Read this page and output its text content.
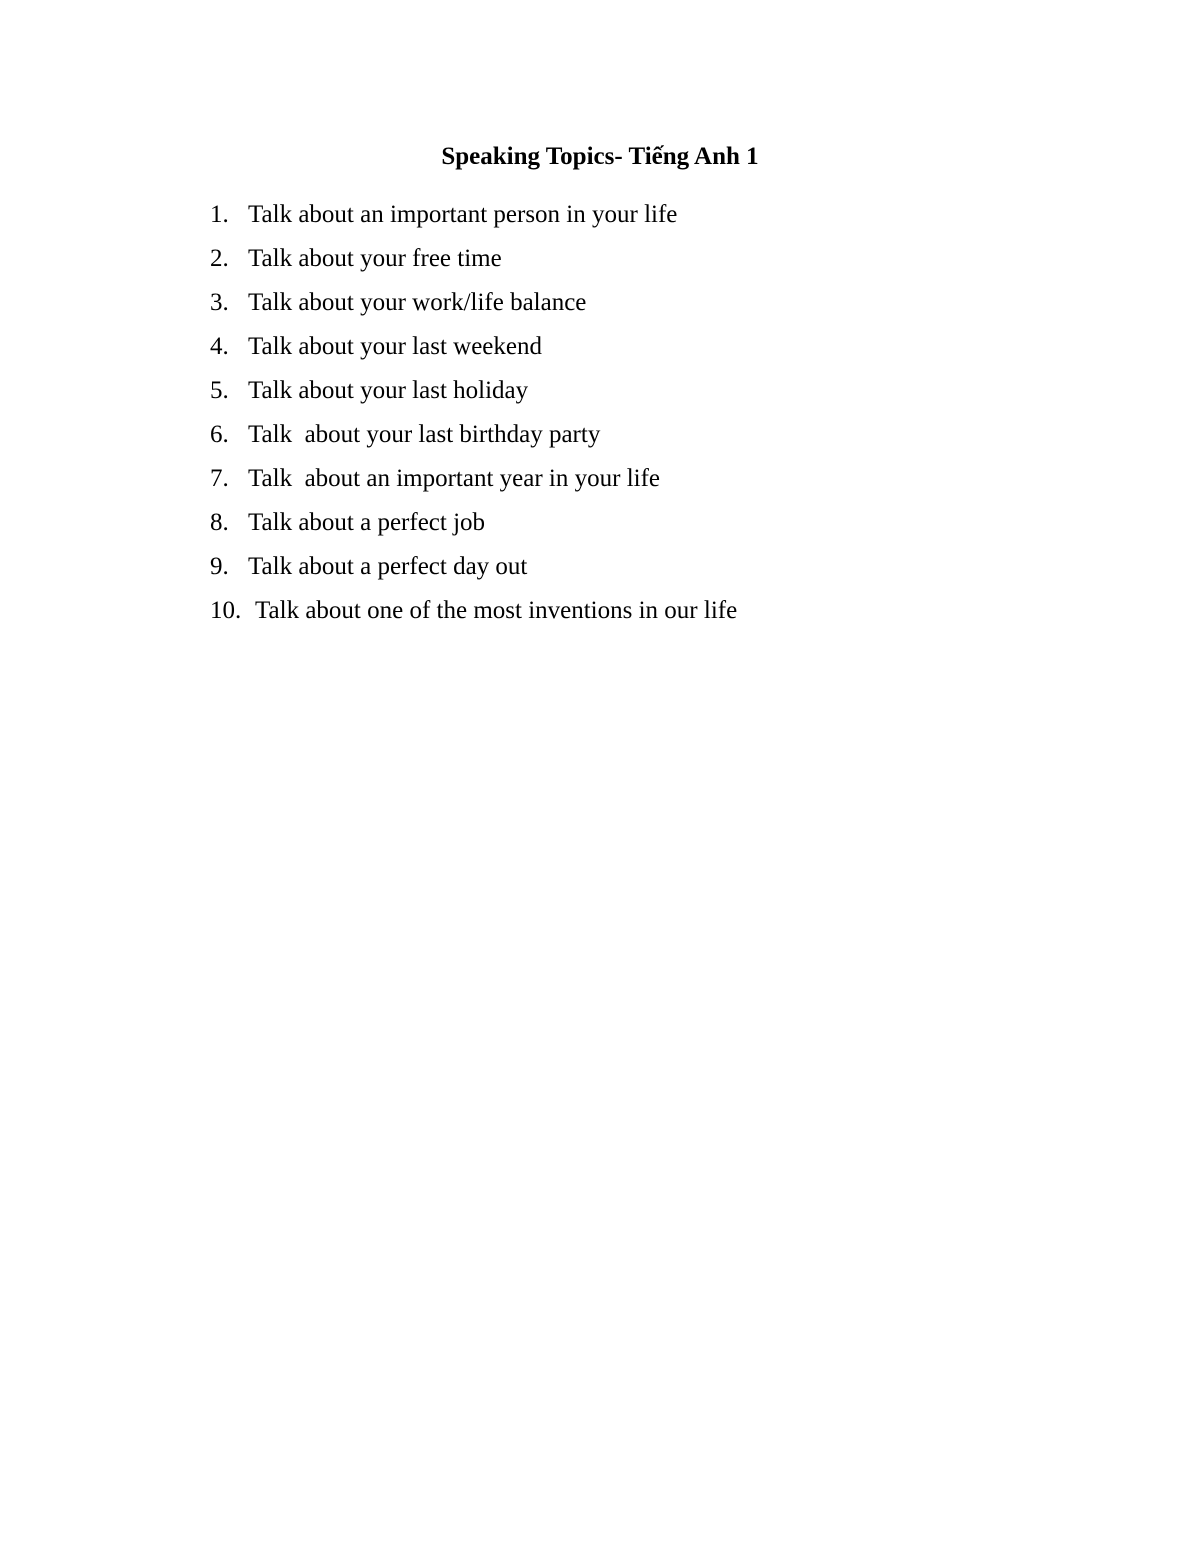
Speaking Topics- Tiếng Anh 1

1.

Talk about an important person in your life

2.

Talk about your free time

3.

Talk about your work/life balance

4.

Talk about your last weekend

5.

Talk about your last holiday

6.

Talk  about your last birthday party

7.

Talk  about an important year in your life

8.

Talk about a perfect job

9.

Talk about a perfect day out

10.

Talk about one of the most inventions in our life
